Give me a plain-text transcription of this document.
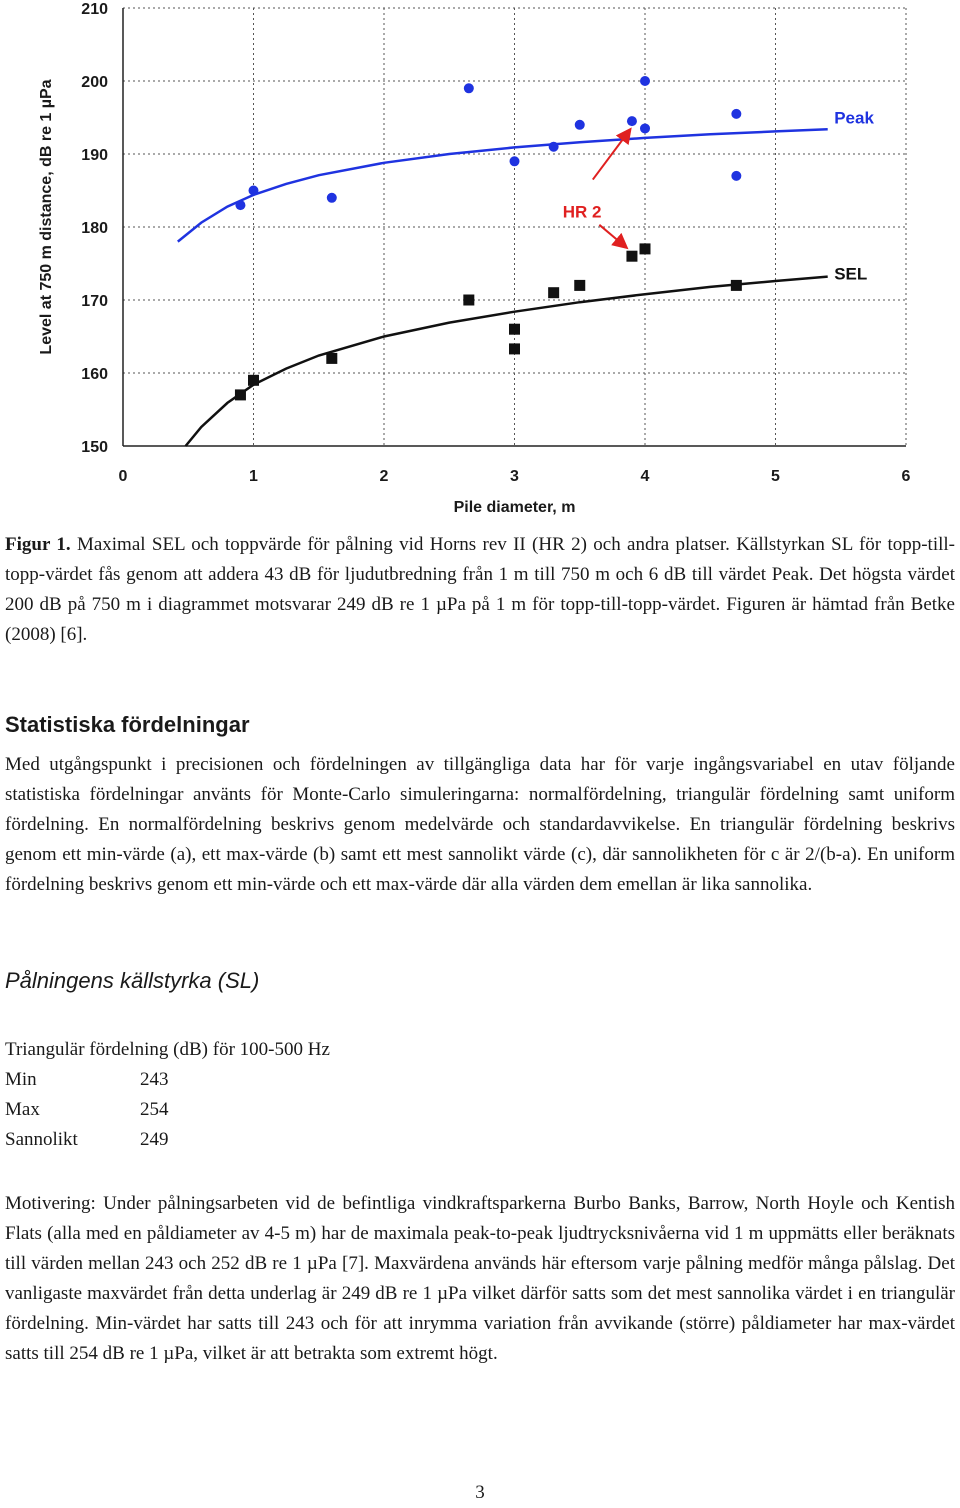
150
160
170
180
190
200
210
0	1	2	3	4	5	6
Pile diameter, m
Level at 750 m distance, dB re 1 µPa	Peak
SEL
HR 2
Figur 1. Maximal SEL och toppvärde för pålning vid Horns rev II (HR 2) och andra platser. Källstyrkan SL för topp-till-topp-värdet fås genom att addera 43 dB för ljudutbredning från 1 m till 750 m och 6 dB till värdet Peak. Det högsta värdet 200 dB på 750 m i diagrammet motsvarar 249 dB re 1 µPa på 1 m för topp-till-topp-värdet. Figuren är hämtad från Betke (2008) [6].
Statistiska fördelningar
Med utgångspunkt i precisionen och fördelningen av tillgängliga data har för varje ingångsvariabel en utav följande statistiska fördelningar använts för Monte-Carlo simuleringarna: normalfördelning, triangulär fördelning samt uniform fördelning. En normalfördelning beskrivs genom medelvärde och standardavvikelse. En triangulär fördelning beskrivs genom ett min-värde (a), ett max-värde (b) samt ett mest sannolikt värde (c), där sannolikheten för c är 2/(b-a). En uniform fördelning beskrivs genom ett min-värde och ett max-värde där alla värden dem emellan är lika sannolika.
Pålningens källstyrka (SL)
Triangulär fördelning (dB) för 100-500 Hz
Min	243
Max	254
Sannolikt	249
Motivering: Under pålningsarbeten vid de befintliga vindkraftsparkerna Burbo Banks, Barrow, North Hoyle och Kentish Flats (alla med en påldiameter av 4-5 m) har de maximala peak-to-peak ljudtrycksnivåerna vid 1 m uppmätts eller beräknats till värden mellan 243 och 252 dB re 1 µPa [7]. Maxvärdena används här eftersom varje pålning medför många pålslag. Det vanligaste maxvärdet från detta underlag är 249 dB re 1 µPa vilket därför satts som det mest sannolika värdet i en triangulär fördelning. Min-värdet har satts till 243 och för att inrymma variation från avvikande (större) påldiameter har max-värdet satts till 254 dB re 1 µPa, vilket är att betrakta som extremt högt.
3
